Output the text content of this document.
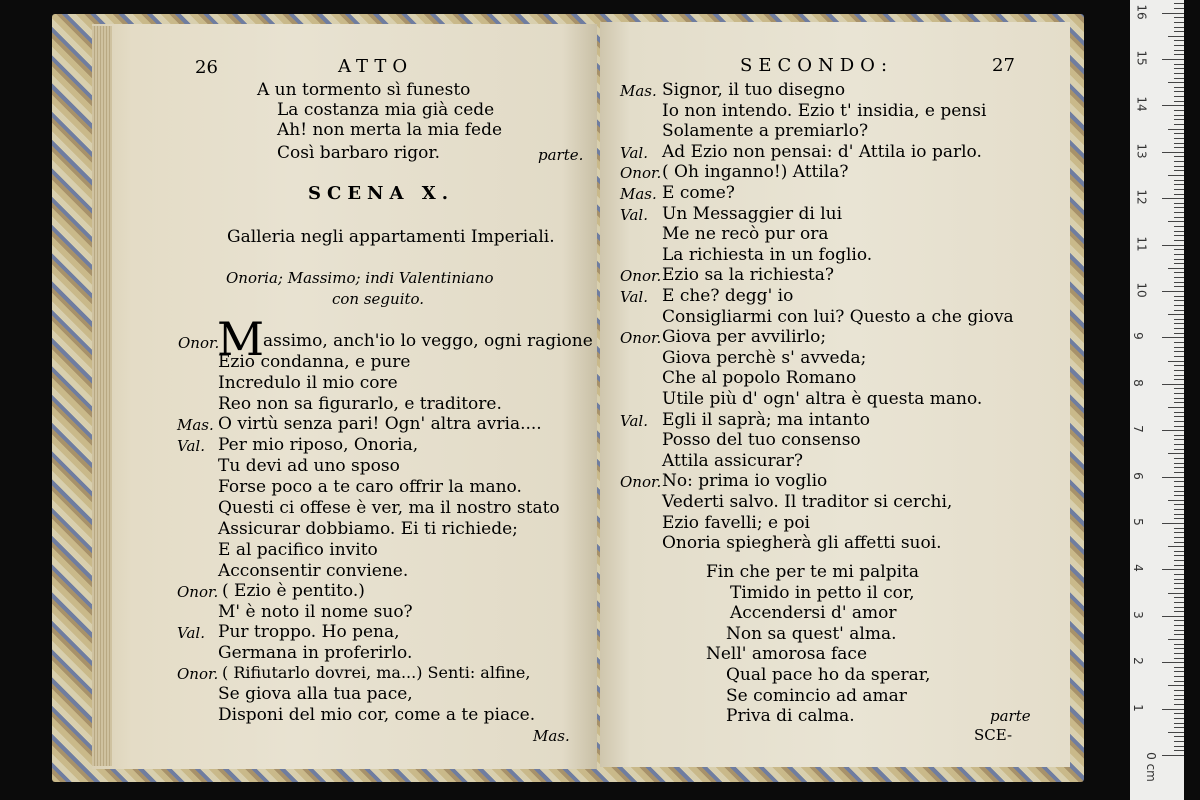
26	ATTO
A un tormento sì funesto
La costanza mia già cede
Ah! non merta la mia fede
Così barbaro rigor.	parte.
SCENA X.
Galleria negli appartamenti Imperiali.
Onoria; Massimo; indi Valentiniano
con seguito.
Onor.
M
assimo, anch'io lo veggo, ogni ragione
Ezio condanna, e pure
Incredulo il mio core
Reo non sa figurarlo, e traditore.
Mas. O virtù senza pari! Ogn' altra avria....
Val. Per mio riposo, Onoria,
Tu devi ad uno sposo
Forse poco a te caro offrir la mano.
Questi ci offese è ver, ma il nostro stato
Assicurar dobbiamo. Ei ti richiede;
E al pacifico invito
Acconsentir conviene.
Onor. ( Ezio è pentito.)
M' è noto il nome suo?
Val. Pur troppo. Ho pena,
Germana in proferirlo.
Onor. ( Rifiutarlo dovrei, ma...) Senti: alfine,
Se giova alla tua pace,
Disponi del mio cor, come a te piace.
Mas.
SECONDO:	27
Mas. Signor, il tuo disegno
Io non intendo. Ezio t' insidia, e pensi
Solamente a premiarlo?
Val. Ad Ezio non pensai: d' Attila io parlo.
Onor. ( Oh inganno!) Attila?
Mas. E come?
Val. Un Messaggier di lui
Me ne recò pur ora
La richiesta in un foglio.
Onor. Ezio sa la richiesta?
Val. E che? degg' io
Consigliarmi con lui? Questo a che giova
Onor. Giova per avvilirlo;
Giova perchè s' avveda;
Che al popolo Romano
Utile più d' ogn' altra è questa mano.
Val. Egli il saprà; ma intanto
Posso del tuo consenso
Attila assicurar?
Onor. No: prima io voglio
Vederti salvo. Il traditor si cerchi,
Ezio favelli; e poi
Onoria spiegherà gli affetti suoi.
Fin che per te mi palpita
Timido in petto il cor,
Accendersi d' amor
Non sa quest' alma.
Nell' amorosa face
Qual pace ho da sperar,
Se comincio ad amar
Priva di calma.	parte
SCE-
1
2
3
4
5
6
7
8
9
10
11
12
13
14
15
16
0 cm
